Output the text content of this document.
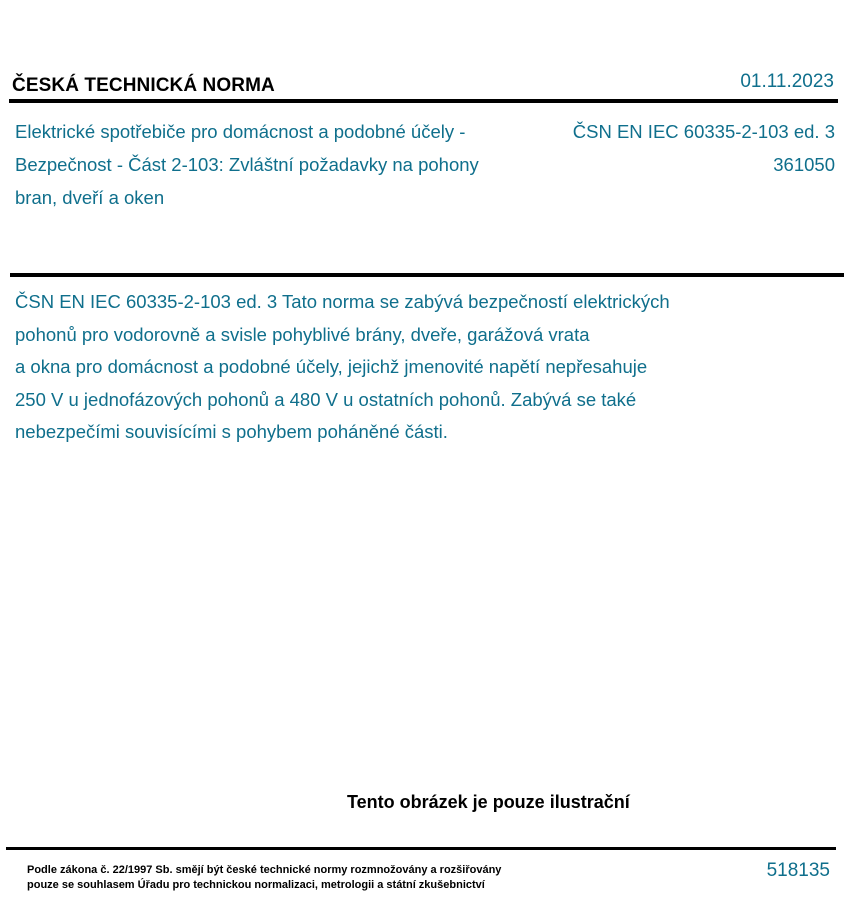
ČESKÁ TECHNICKÁ NORMA	01.11.2023
Elektrické spotřebiče pro domácnost a podobné účely - Bezpečnost - Část 2-103: Zvláštní požadavky na pohony bran, dveří a oken
ČSN EN IEC 60335-2-103 ed. 3
361050
ČSN EN IEC 60335-2-103 ed. 3 Tato norma se zabývá bezpečností elektrických
pohonů pro vodorovně a svisle pohyblivé brány, dveře, garážová vrata
a okna pro domácnost a podobné účely, jejichž jmenovité napětí nepřesahuje
250 V u jednofázových pohonů a 480 V u ostatních pohonů. Zabývá se také
nebezpečími souvisícími s pohybem poháněné části.
Tento obrázek je pouze ilustrační
Podle zákona č. 22/1997 Sb. smějí být české technické normy rozmnožovány a rozšiřovány
pouze se souhlasem Úřadu pro technickou normalizaci, metrologii a státní zkušebnictví
518135
